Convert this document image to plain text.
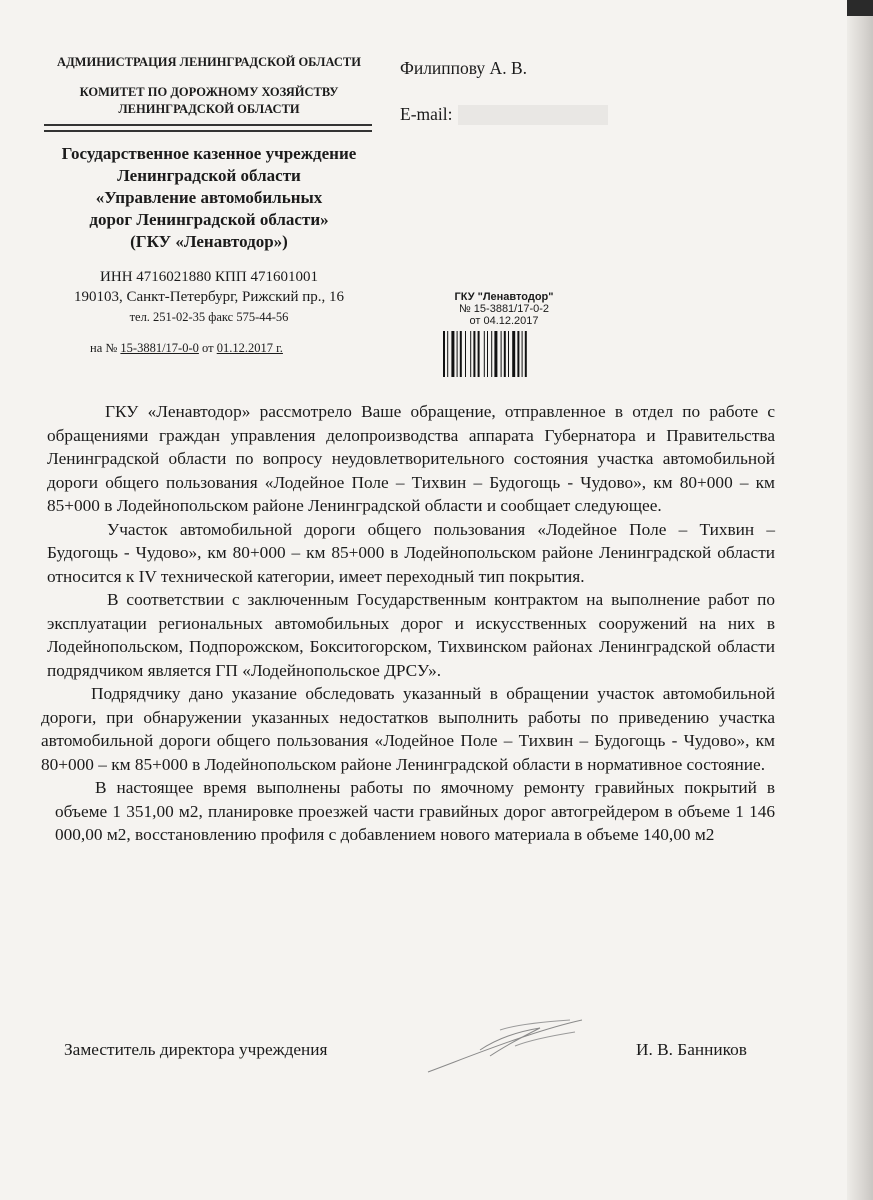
АДМИНИСТРАЦИЯ ЛЕНИНГРАДСКОЙ ОБЛАСТИ
КОМИТЕТ ПО ДОРОЖНОМУ ХОЗЯЙСТВУ
ЛЕНИНГРАДСКОЙ ОБЛАСТИ
Государственное казенное учреждение
Ленинградской области
«Управление автомобильных
дорог Ленинградской области»
(ГКУ «Ленавтодор»)
ИНН 4716021880 КПП 471601001
190103, Санкт-Петербург, Рижский пр., 16
тел. 251-02-35 факс 575-44-56
на № 15-3881/17-0-0 от 01.12.2017 г.
Филиппову А. В.
E-mail:
ГКУ "Ленавтодор"
№ 15-3881/17-0-2
от 04.12.2017

ГКУ «Ленавтодор» рассмотрело Ваше обращение, отправленное в отдел по работе с обращениями граждан управления делопроизводства аппарата Губернатора и Правительства Ленинградской области по вопросу неудовлетворительного состояния участка автомобильной дороги общего пользования «Лодейное Поле – Тихвин – Будогощь - Чудово», км 80+000 – км 85+000 в Лодейнопольском районе Ленинградской области и сообщает следующее.

Участок автомобильной дороги общего пользования «Лодейное Поле – Тихвин – Будогощь - Чудово», км 80+000 – км 85+000 в Лодейнопольском районе Ленинградской области относится к IV технической категории, имеет переходный тип покрытия.

В соответствии с заключенным Государственным контрактом на выполнение работ по эксплуатации региональных автомобильных дорог и искусственных сооружений на них в Лодейнопольском, Подпорожском, Бокситогорском, Тихвинском районах Ленинградской области подрядчиком является ГП «Лодейнопольское ДРСУ».

Подрядчику дано указание обследовать указанный в обращении участок автомобильной дороги, при обнаружении указанных недостатков выполнить работы по приведению участка автомобильной дороги общего пользования «Лодейное Поле – Тихвин – Будогощь - Чудово», км 80+000 – км 85+000 в Лодейнопольском районе Ленинградской области в нормативное состояние.

В настоящее время выполнены работы по ямочному ремонту гравийных покрытий в объеме 1 351,00 м2, планировке проезжей части гравийных дорог автогрейдером в объеме 1 146 000,00 м2, восстановлению профиля с добавлением нового материала в объеме 140,00 м2

Заместитель директора учреждения	И. В. Банников
